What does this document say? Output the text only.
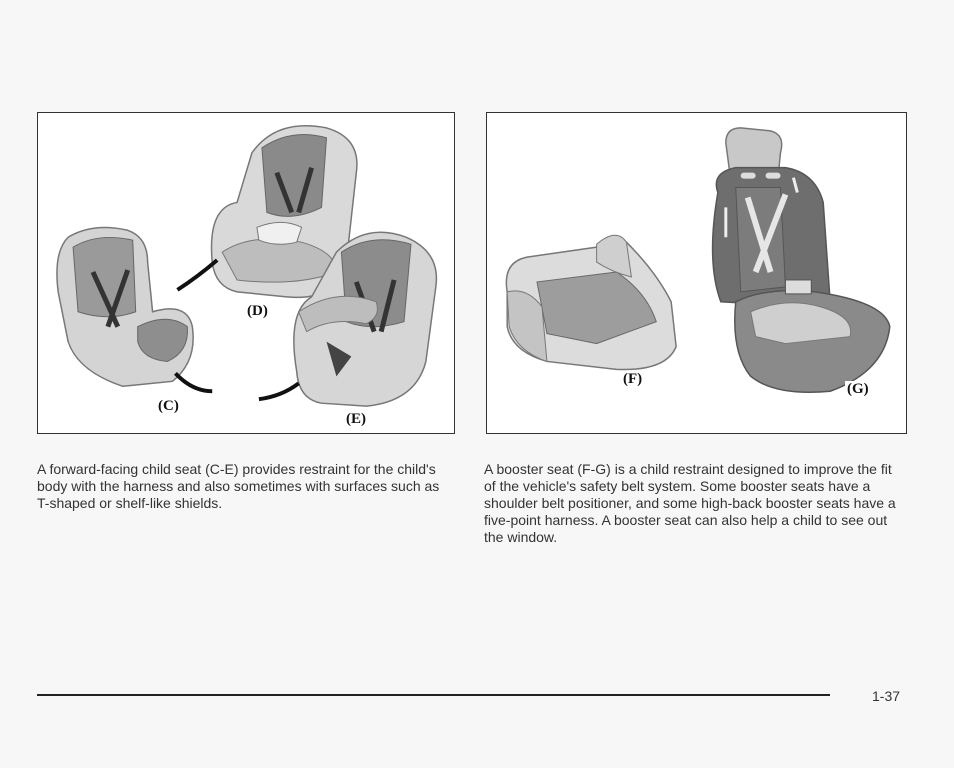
(C)
(D)
(E)
(F)
(G)

A forward-facing child seat (C-E) provides restraint for the child's body with the harness and also sometimes with surfaces such as T-shaped or shelf-like shields.

A booster seat (F-G) is a child restraint designed to improve the fit of the vehicle's safety belt system. Some booster seats have a shoulder belt positioner, and some high-back booster seats have a five-point harness. A booster seat can also help a child to see out the window.

1-37
